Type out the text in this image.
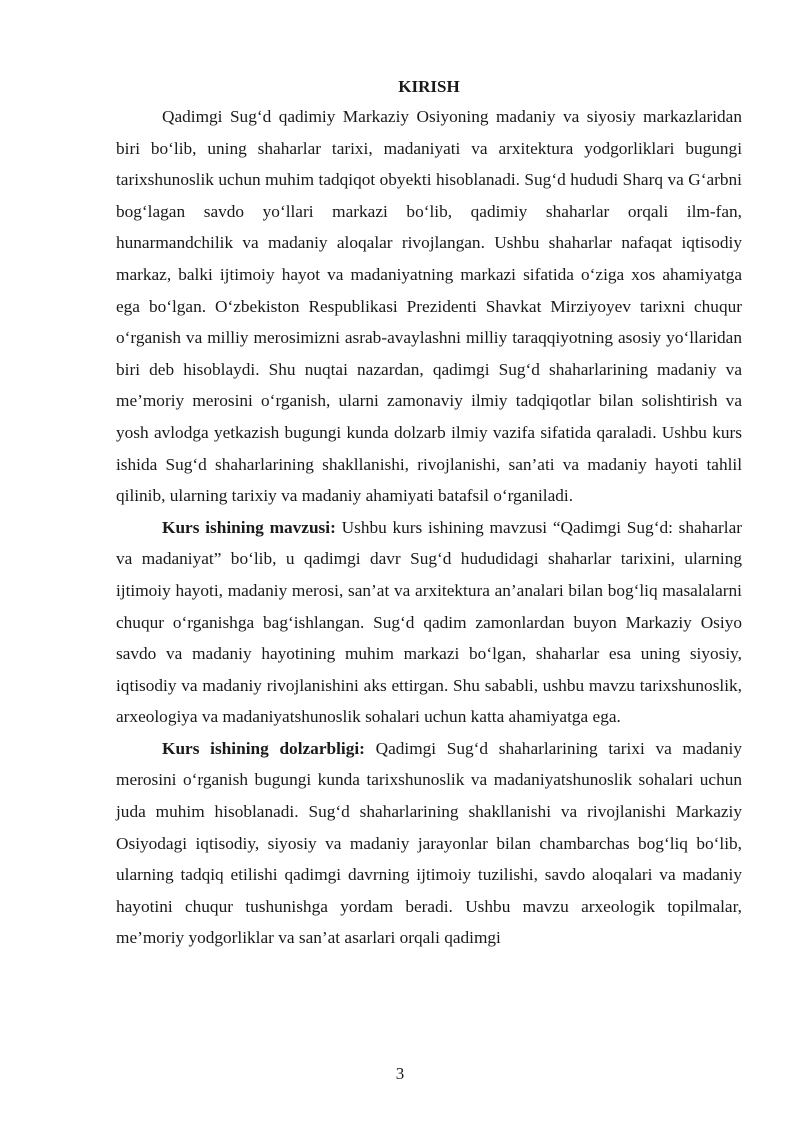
KIRISH

Qadimgi Sug‘d qadimiy Markaziy Osiyoning madaniy va siyosiy markazlaridan biri bo‘lib, uning shaharlar tarixi, madaniyati va arxitektura yodgorliklari bugungi tarixshunoslik uchun muhim tadqiqot obyekti hisoblanadi. Sug‘d hududi Sharq va G‘arbni bog‘lagan savdo yo‘llari markazi bo‘lib, qadimiy shaharlar orqali ilm-fan, hunarmandchilik va madaniy aloqalar rivojlangan. Ushbu shaharlar nafaqat iqtisodiy markaz, balki ijtimoiy hayot va madaniyatning markazi sifatida o‘ziga xos ahamiyatga ega bo‘lgan. O‘zbekiston Respublikasi Prezidenti Shavkat Mirziyoyev tarixni chuqur o‘rganish va milliy merosimizni asrab-avaylashni milliy taraqqiyotning asosiy yo‘llaridan biri deb hisoblaydi. Shu nuqtai nazardan, qadimgi Sug‘d shaharlarining madaniy va me’moriy merosini o‘rganish, ularni zamonaviy ilmiy tadqiqotlar bilan solishtirish va yosh avlodga yetkazish bugungi kunda dolzarb ilmiy vazifa sifatida qaraladi. Ushbu kurs ishida Sug‘d shaharlarining shakllanishi, rivojlanishi, san’ati va madaniy hayoti tahlil qilinib, ularning tarixiy va madaniy ahamiyati batafsil o‘rganiladi.

Kurs ishining mavzusi: Ushbu kurs ishining mavzusi “Qadimgi Sug‘d: shaharlar va madaniyat” bo‘lib, u qadimgi davr Sug‘d hududidagi shaharlar tarixini, ularning ijtimoiy hayoti, madaniy merosi, san’at va arxitektura an’analari bilan bog‘liq masalalarni chuqur o‘rganishga bag‘ishlangan. Sug‘d qadim zamonlardan buyon Markaziy Osiyo savdo va madaniy hayotining muhim markazi bo‘lgan, shaharlar esa uning siyosiy, iqtisodiy va madaniy rivojlanishini aks ettirgan. Shu sababli, ushbu mavzu tarixshunoslik, arxeologiya va madaniyatshunoslik sohalari uchun katta ahamiyatga ega.

Kurs ishining dolzarbligi: Qadimgi Sug‘d shaharlarining tarixi va madaniy merosini o‘rganish bugungi kunda tarixshunoslik va madaniyatshunoslik sohalari uchun juda muhim hisoblanadi. Sug‘d shaharlarining shakllanishi va rivojlanishi Markaziy Osiyodagi iqtisodiy, siyosiy va madaniy jarayonlar bilan chambarchas bog‘liq bo‘lib, ularning tadqiq etilishi qadimgi davrning ijtimoiy tuzilishi, savdo aloqalari va madaniy hayotini chuqur tushunishga yordam beradi. Ushbu mavzu arxeologik topilmalar, me’moriy yodgorliklar va san’at asarlari orqali qadimgi

3
